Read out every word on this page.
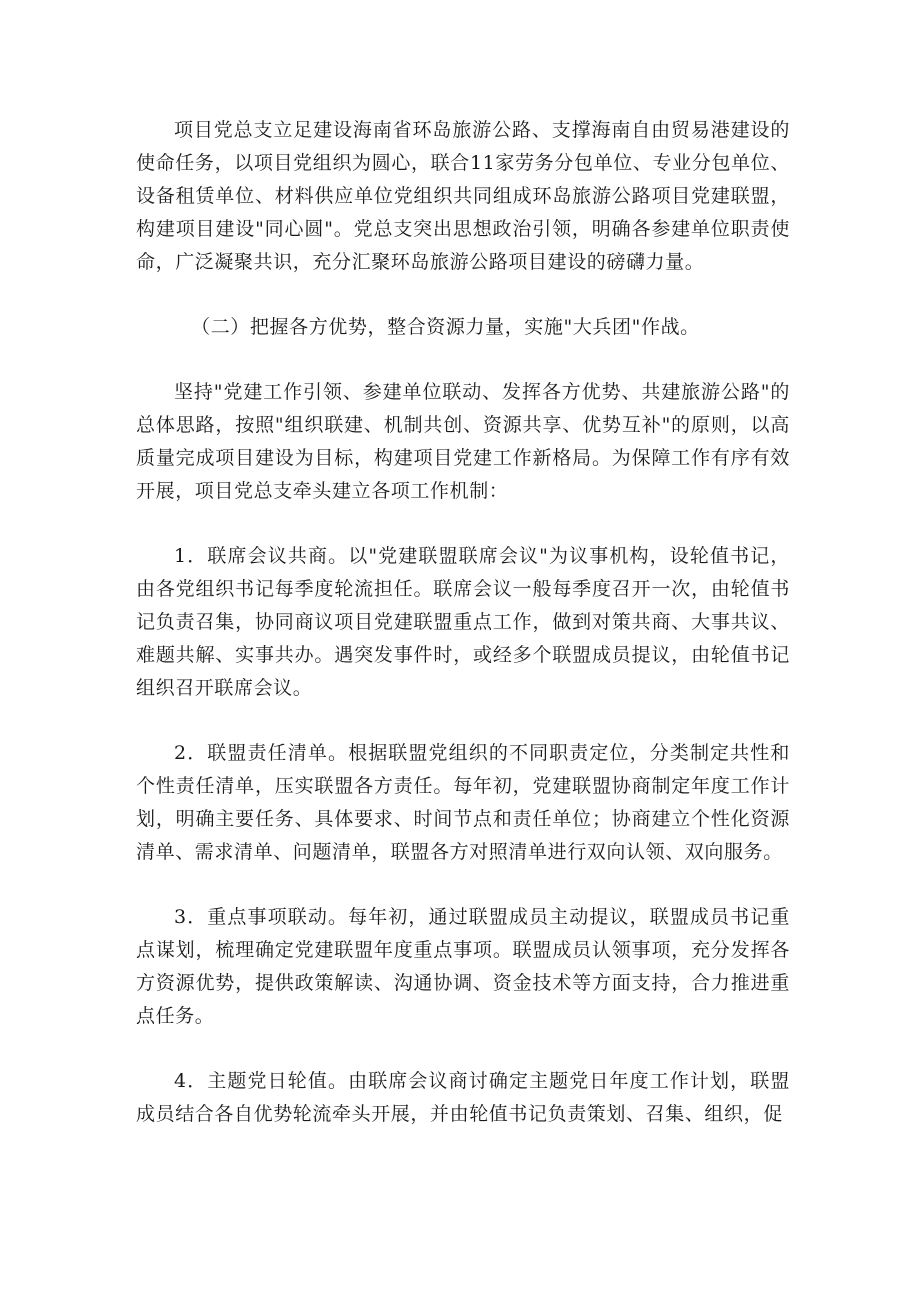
项目党总支立足建设海南省环岛旅游公路、支撑海南自由贸易港建设的使命任务，以项目党组织为圆心，联合11家劳务分包单位、专业分包单位、设备租赁单位、材料供应单位党组织共同组成环岛旅游公路项目党建联盟，构建项目建设"同心圆"。党总支突出思想政治引领，明确各参建单位职责使命，广泛凝聚共识，充分汇聚环岛旅游公路项目建设的磅礴力量。

（二）把握各方优势，整合资源力量，实施"大兵团"作战。

坚持"党建工作引领、参建单位联动、发挥各方优势、共建旅游公路"的总体思路，按照"组织联建、机制共创、资源共享、优势互补"的原则，以高质量完成项目建设为目标，构建项目党建工作新格局。为保障工作有序有效开展，项目党总支牵头建立各项工作机制：

1．联席会议共商。以"党建联盟联席会议"为议事机构，设轮值书记，由各党组织书记每季度轮流担任。联席会议一般每季度召开一次，由轮值书记负责召集，协同商议项目党建联盟重点工作，做到对策共商、大事共议、难题共解、实事共办。遇突发事件时，或经多个联盟成员提议，由轮值书记组织召开联席会议。

2．联盟责任清单。根据联盟党组织的不同职责定位，分类制定共性和个性责任清单，压实联盟各方责任。每年初，党建联盟协商制定年度工作计划，明确主要任务、具体要求、时间节点和责任单位；协商建立个性化资源清单、需求清单、问题清单，联盟各方对照清单进行双向认领、双向服务。

3．重点事项联动。每年初，通过联盟成员主动提议，联盟成员书记重点谋划，梳理确定党建联盟年度重点事项。联盟成员认领事项，充分发挥各方资源优势，提供政策解读、沟通协调、资金技术等方面支持，合力推进重点任务。

4．主题党日轮值。由联席会议商讨确定主题党日年度工作计划，联盟成员结合各自优势轮流牵头开展，并由轮值书记负责策划、召集、组织，促
